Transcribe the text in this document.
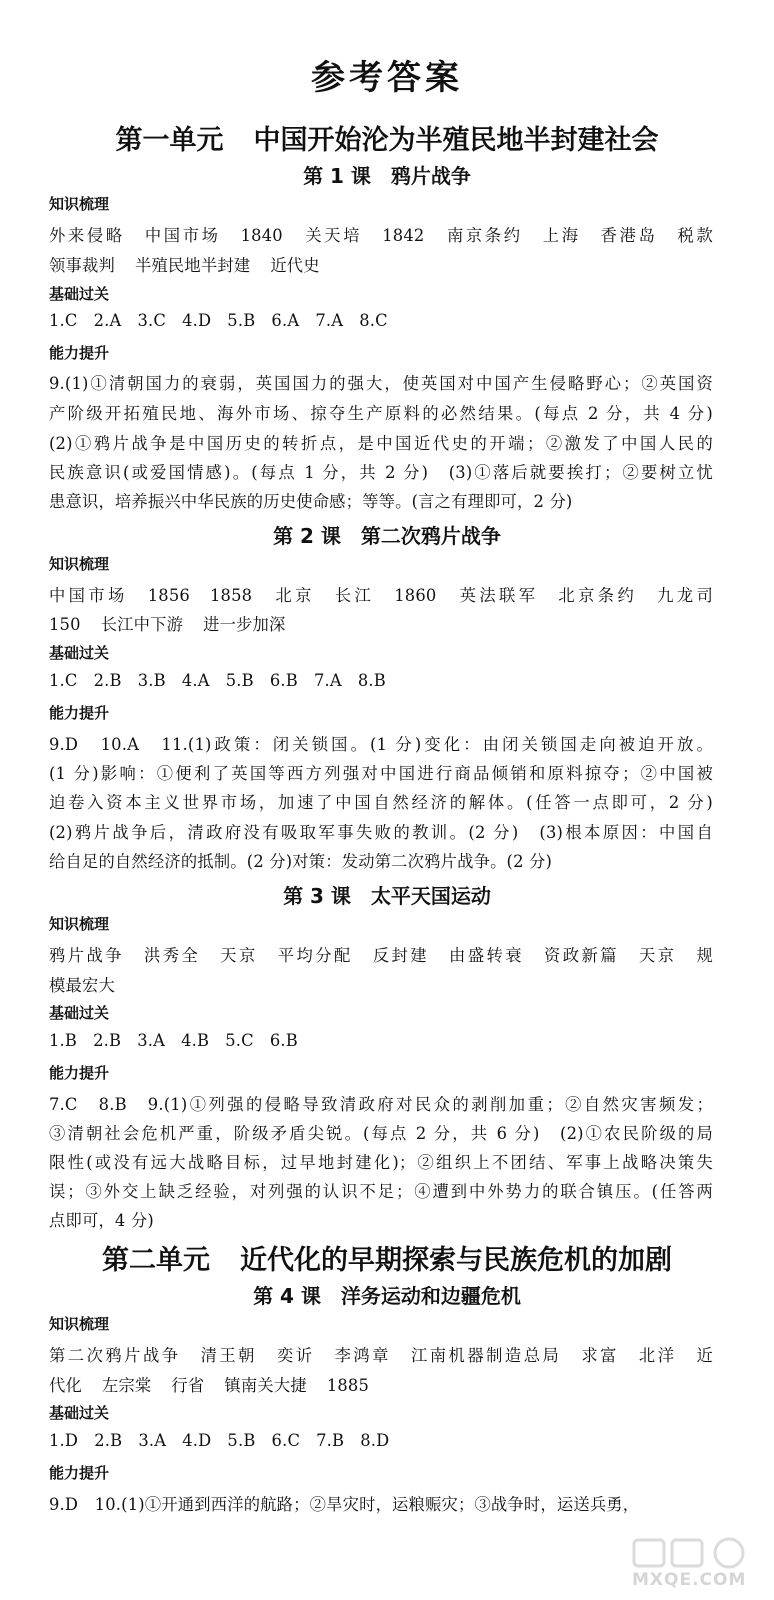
参考答案
第一单元 中国开始沦为半殖民地半封建社会
第 1 课 鸦片战争
知识梳理
外来侵略 中国市场 1840 关天培 1842 南京条约 上海 香港岛 税款
领事裁判 半殖民地半封建 近代史
基础过关
1.C 2.A 3.C 4.D 5.B 6.A 7.A 8.C
能力提升
9.(1)①清朝国力的衰弱，英国国力的强大，使英国对中国产生侵略野心；②英国资
产阶级开拓殖民地、海外市场、掠夺生产原料的必然结果。(每点 2 分，共 4 分)
(2)①鸦片战争是中国历史的转折点，是中国近代史的开端；②激发了中国人民的
民族意识(或爱国情感)。(每点 1 分，共 2 分)　(3)①落后就要挨打；②要树立忧
患意识，培养振兴中华民族的历史使命感；等等。(言之有理即可，2 分)
第 2 课 第二次鸦片战争
知识梳理
中国市场 1856 1858 北京 长江 1860 英法联军 北京条约 九龙司
150 长江中下游 进一步加深
基础过关
1.C 2.B 3.B 4.A 5.B 6.B 7.A 8.B
能力提升
9.D　10.A　11.(1)政策：闭关锁国。(1 分)变化：由闭关锁国走向被迫开放。
(1 分)影响：①便利了英国等西方列强对中国进行商品倾销和原料掠夺；②中国被
迫卷入资本主义世界市场，加速了中国自然经济的解体。(任答一点即可，2 分)
(2)鸦片战争后，清政府没有吸取军事失败的教训。(2 分)　(3)根本原因：中国自
给自足的自然经济的抵制。(2 分)对策：发动第二次鸦片战争。(2 分)
第 3 课 太平天国运动
知识梳理
鸦片战争 洪秀全 天京 平均分配 反封建 由盛转衰 资政新篇 天京 规
模最宏大
基础过关
1.B 2.B 3.A 4.B 5.C 6.B
能力提升
7.C　8.B　9.(1)①列强的侵略导致清政府对民众的剥削加重；②自然灾害频发；
③清朝社会危机严重，阶级矛盾尖锐。(每点 2 分，共 6 分)　(2)①农民阶级的局
限性(或没有远大战略目标，过早地封建化)；②组织上不团结、军事上战略决策失
误；③外交上缺乏经验，对列强的认识不足；④遭到中外势力的联合镇压。(任答两
点即可，4 分)
第二单元 近代化的早期探索与民族危机的加剧
第 4 课 洋务运动和边疆危机
知识梳理
第二次鸦片战争 清王朝 奕䜣 李鸿章 江南机器制造总局 求富 北洋 近
代化 左宗棠 行省 镇南关大捷 1885
基础过关
1.D 2.B 3.A 4.D 5.B 6.C 7.B 8.D
能力提升
9.D　10.(1)①开通到西洋的航路；②旱灾时，运粮赈灾；③战争时，运送兵勇，
MXQE.COM
